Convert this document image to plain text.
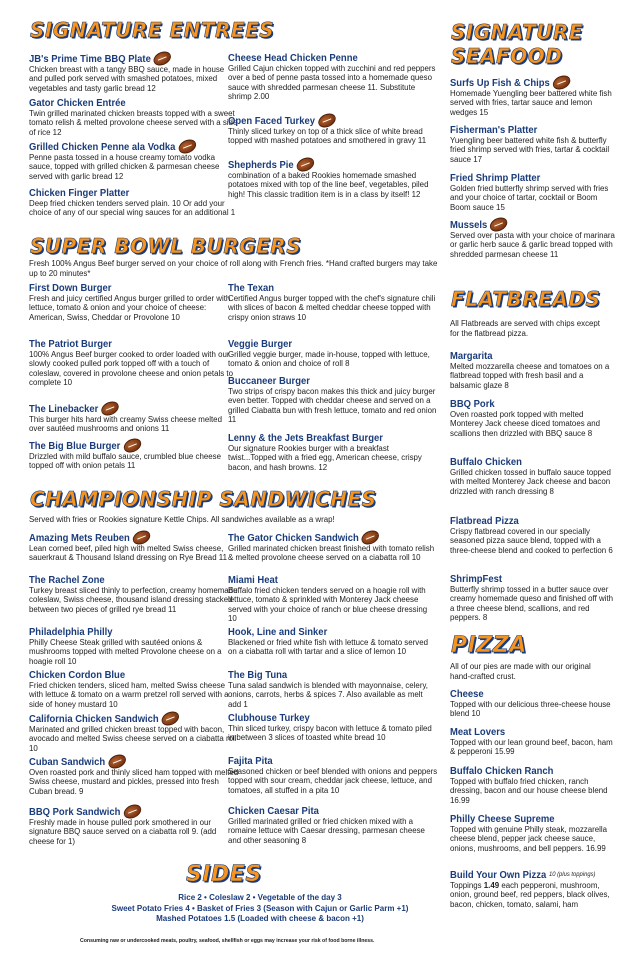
SIGNATURE ENTREES
JB's Prime Time BBQ Plate
Chicken breast with a tangy BBQ sauce, made in house and pulled pork served with smashed potatoes, mixed vegetables and tasty garlic bread 12
Gator Chicken Entrée
Twin grilled marinated chicken breasts topped with a sweet tomato relish & melted provolone cheese served with a side of rice 12
Grilled Chicken Penne ala Vodka
Penne pasta tossed in a house creamy tomato vodka sauce, topped with grilled chicken & parmesan cheese served with garlic bread 12
Chicken Finger Platter
Deep fried chicken tenders served plain. 10 Or add your choice of any of our special wing sauces for an additional 1
Cheese Head Chicken Penne
Grilled Cajun chicken topped with zucchini and red peppers over a bed of penne pasta tossed into a homemade queso sauce with shredded parmesan cheese 11. Substitute shrimp 2.00
Open Faced Turkey
Thinly sliced turkey on top of a thick slice of white bread topped with mashed potatoes and smothered in gravy 11
Shepherds Pie
combination of a baked Rookies homemade smashed potatoes mixed with top of the line beef, vegetables, piled high! This classic tradition item is in a class by itself! 12
SUPER BOWL BURGERS
Fresh 100% Angus Beef burger served on your choice of roll along with French fries. *Hand crafted burgers may take up to 20 minutes*
First Down Burger
Fresh and juicy certified Angus burger grilled to order with lettuce, tomato & onion and your choice of cheese: American, Swiss, Cheddar or Provolone 10
The Patriot Burger
100% Angus Beef burger cooked to order loaded with our slowly cooked pulled pork topped off with a touch of coleslaw, covered in provolone cheese and onion petals to complete 10
The Linebacker
This burger hits hard with creamy Swiss cheese melted over sautéed mushrooms and onions 11
The Big Blue Burger
Drizzled with mild buffalo sauce, crumbled blue cheese topped off with onion petals 11
The Texan
Certified Angus burger topped with the chef's signature chili with slices of bacon & melted cheddar cheese topped with crispy onion straws 10
Veggie Burger
Grilled veggie burger, made in-house, topped with lettuce, tomato & onion and choice of roll 8
Buccaneer Burger
Two strips of crispy bacon makes this thick and juicy burger even better. Topped with cheddar cheese and served on a grilled Ciabatta bun with fresh lettuce, tomato and red onion 11
Lenny & the Jets Breakfast Burger
Our signature Rookies burger with a breakfast twist...Topped with a fried egg, American cheese, crispy bacon, and hash browns. 12
CHAMPIONSHIP SANDWICHES
Served with fries or Rookies signature Kettle Chips. All sandwiches available as a wrap!
Amazing Mets Reuben
Lean corned beef, piled high with melted Swiss cheese, sauerkraut & Thousand Island dressing on Rye Bread 11
The Rachel Zone
Turkey breast sliced thinly to perfection, creamy homemade coleslaw, Swiss cheese, thousand island dressing stacked between two pieces of grilled rye bread 11
Philadelphia Philly
Philly Cheese Steak grilled with sautéed onions & mushrooms topped with melted Provolone cheese on a hoagie roll 10
Chicken Cordon Blue
Fried chicken tenders, sliced ham, melted Swiss cheese with lettuce & tomato on a warm pretzel roll served with a side of honey mustard 10
California Chicken Sandwich
Marinated and grilled chicken breast topped with bacon, avocado and melted Swiss cheese served on a ciabatta roll 10
Cuban Sandwich
Oven roasted pork and thinly sliced ham topped with melted Swiss cheese, mustard and pickles, pressed into fresh Cuban bread. 9
BBQ Pork Sandwich
Freshly made in house pulled pork smothered in our signature BBQ sauce served on a ciabatta roll 9. (add cheese for 1)
The Gator Chicken Sandwich
Grilled marinated chicken breast finished with tomato relish & melted provolone cheese served on a ciabatta roll 10
Miami Heat
Buffalo fried chicken tenders served on a hoagie roll with lettuce, tomato & sprinkled with Monterey Jack cheese served with your choice of ranch or blue cheese dressing 10
Hook, Line and Sinker
Blackened or fried white fish with lettuce & tomato served on a ciabatta roll with tartar and a slice of lemon 10
The Big Tuna
Tuna salad sandwich is blended with mayonnaise, celery, onions, carrots, herbs & spices 7. Also available as melt add 1
Clubhouse Turkey
Thin sliced turkey, crispy bacon with lettuce & tomato piled in between 3 slices of toasted white bread 10
Fajita Pita
Seasoned chicken or beef blended with onions and peppers topped with sour cream, cheddar jack cheese, lettuce, and tomatoes, all stuffed in a pita 10
Chicken Caesar Pita
Grilled marinated grilled or fried chicken mixed with a romaine lettuce with Caesar dressing, parmesan cheese and other seasoning 8
SIDES
Rice 2 • Coleslaw 2 • Vegetable of the day 3
Sweet Potato Fries 4 • Basket of Fries 3 (Season with Cajun or Garlic Parm +1)
Mashed Potatoes 1.5 (Loaded with cheese & bacon +1)
Consuming raw or undercooked meats, poultry, seafood, shellfish or eggs may increase your risk of food borne illness.
SIGNATURE
SEAFOOD
Surfs Up Fish & Chips
Homemade Yuengling beer battered white fish served with fries, tartar sauce and lemon wedges 15
Fisherman's Platter
Yuengling beer battered white fish & butterfly fried shrimp served with fries, tartar & cocktail sauce 17
Fried Shrimp Platter
Golden fried butterfly shrimp served with fries and your choice of tartar, cocktail or Boom Boom sauce 15
Mussels
Served over pasta with your choice of marinara or garlic herb sauce & garlic bread topped with shredded parmesan cheese 11
FLATBREADS
All Flatbreads are served with chips except for the flatbread pizza.
Margarita
Melted mozzarella cheese and tomatoes on a flatbread topped with fresh basil and a balsamic glaze 8
BBQ Pork
Oven roasted pork topped with melted Monterey Jack cheese diced tomatoes and scallions then drizzled with BBQ sauce 8
Buffalo Chicken
Grilled chicken tossed in buffalo sauce topped with melted Monterey Jack cheese and bacon drizzled with ranch dressing 8
Flatbread Pizza
Crispy flatbread covered in our specially seasoned pizza sauce blend, topped with a three-cheese blend and cooked to perfection 6
ShrimpFest
Butterfly shrimp tossed in a butter sauce over creamy homemade queso and finished off with a three cheese blend, scallions, and red peppers. 8
PIZZA
All of our pies are made with our original hand-crafted crust.
Cheese
Topped with our delicious three-cheese house blend 10
Meat Lovers
Topped with our lean ground beef, bacon, ham & pepperoni 15.99
Buffalo Chicken Ranch
Topped with buffalo fried chicken, ranch dressing, bacon and our house cheese blend 16.99
Philly Cheese Supreme
Topped with genuine Philly steak, mozzarella cheese blend, pepper jack cheese sauce, onions, mushrooms, and bell peppers. 16.99
Build Your Own Pizza 10 (plus toppings)
Toppings 1.49 each pepperoni, mushroom, onion, ground beef, red peppers, black olives, bacon, chicken, tomato, salami, ham
